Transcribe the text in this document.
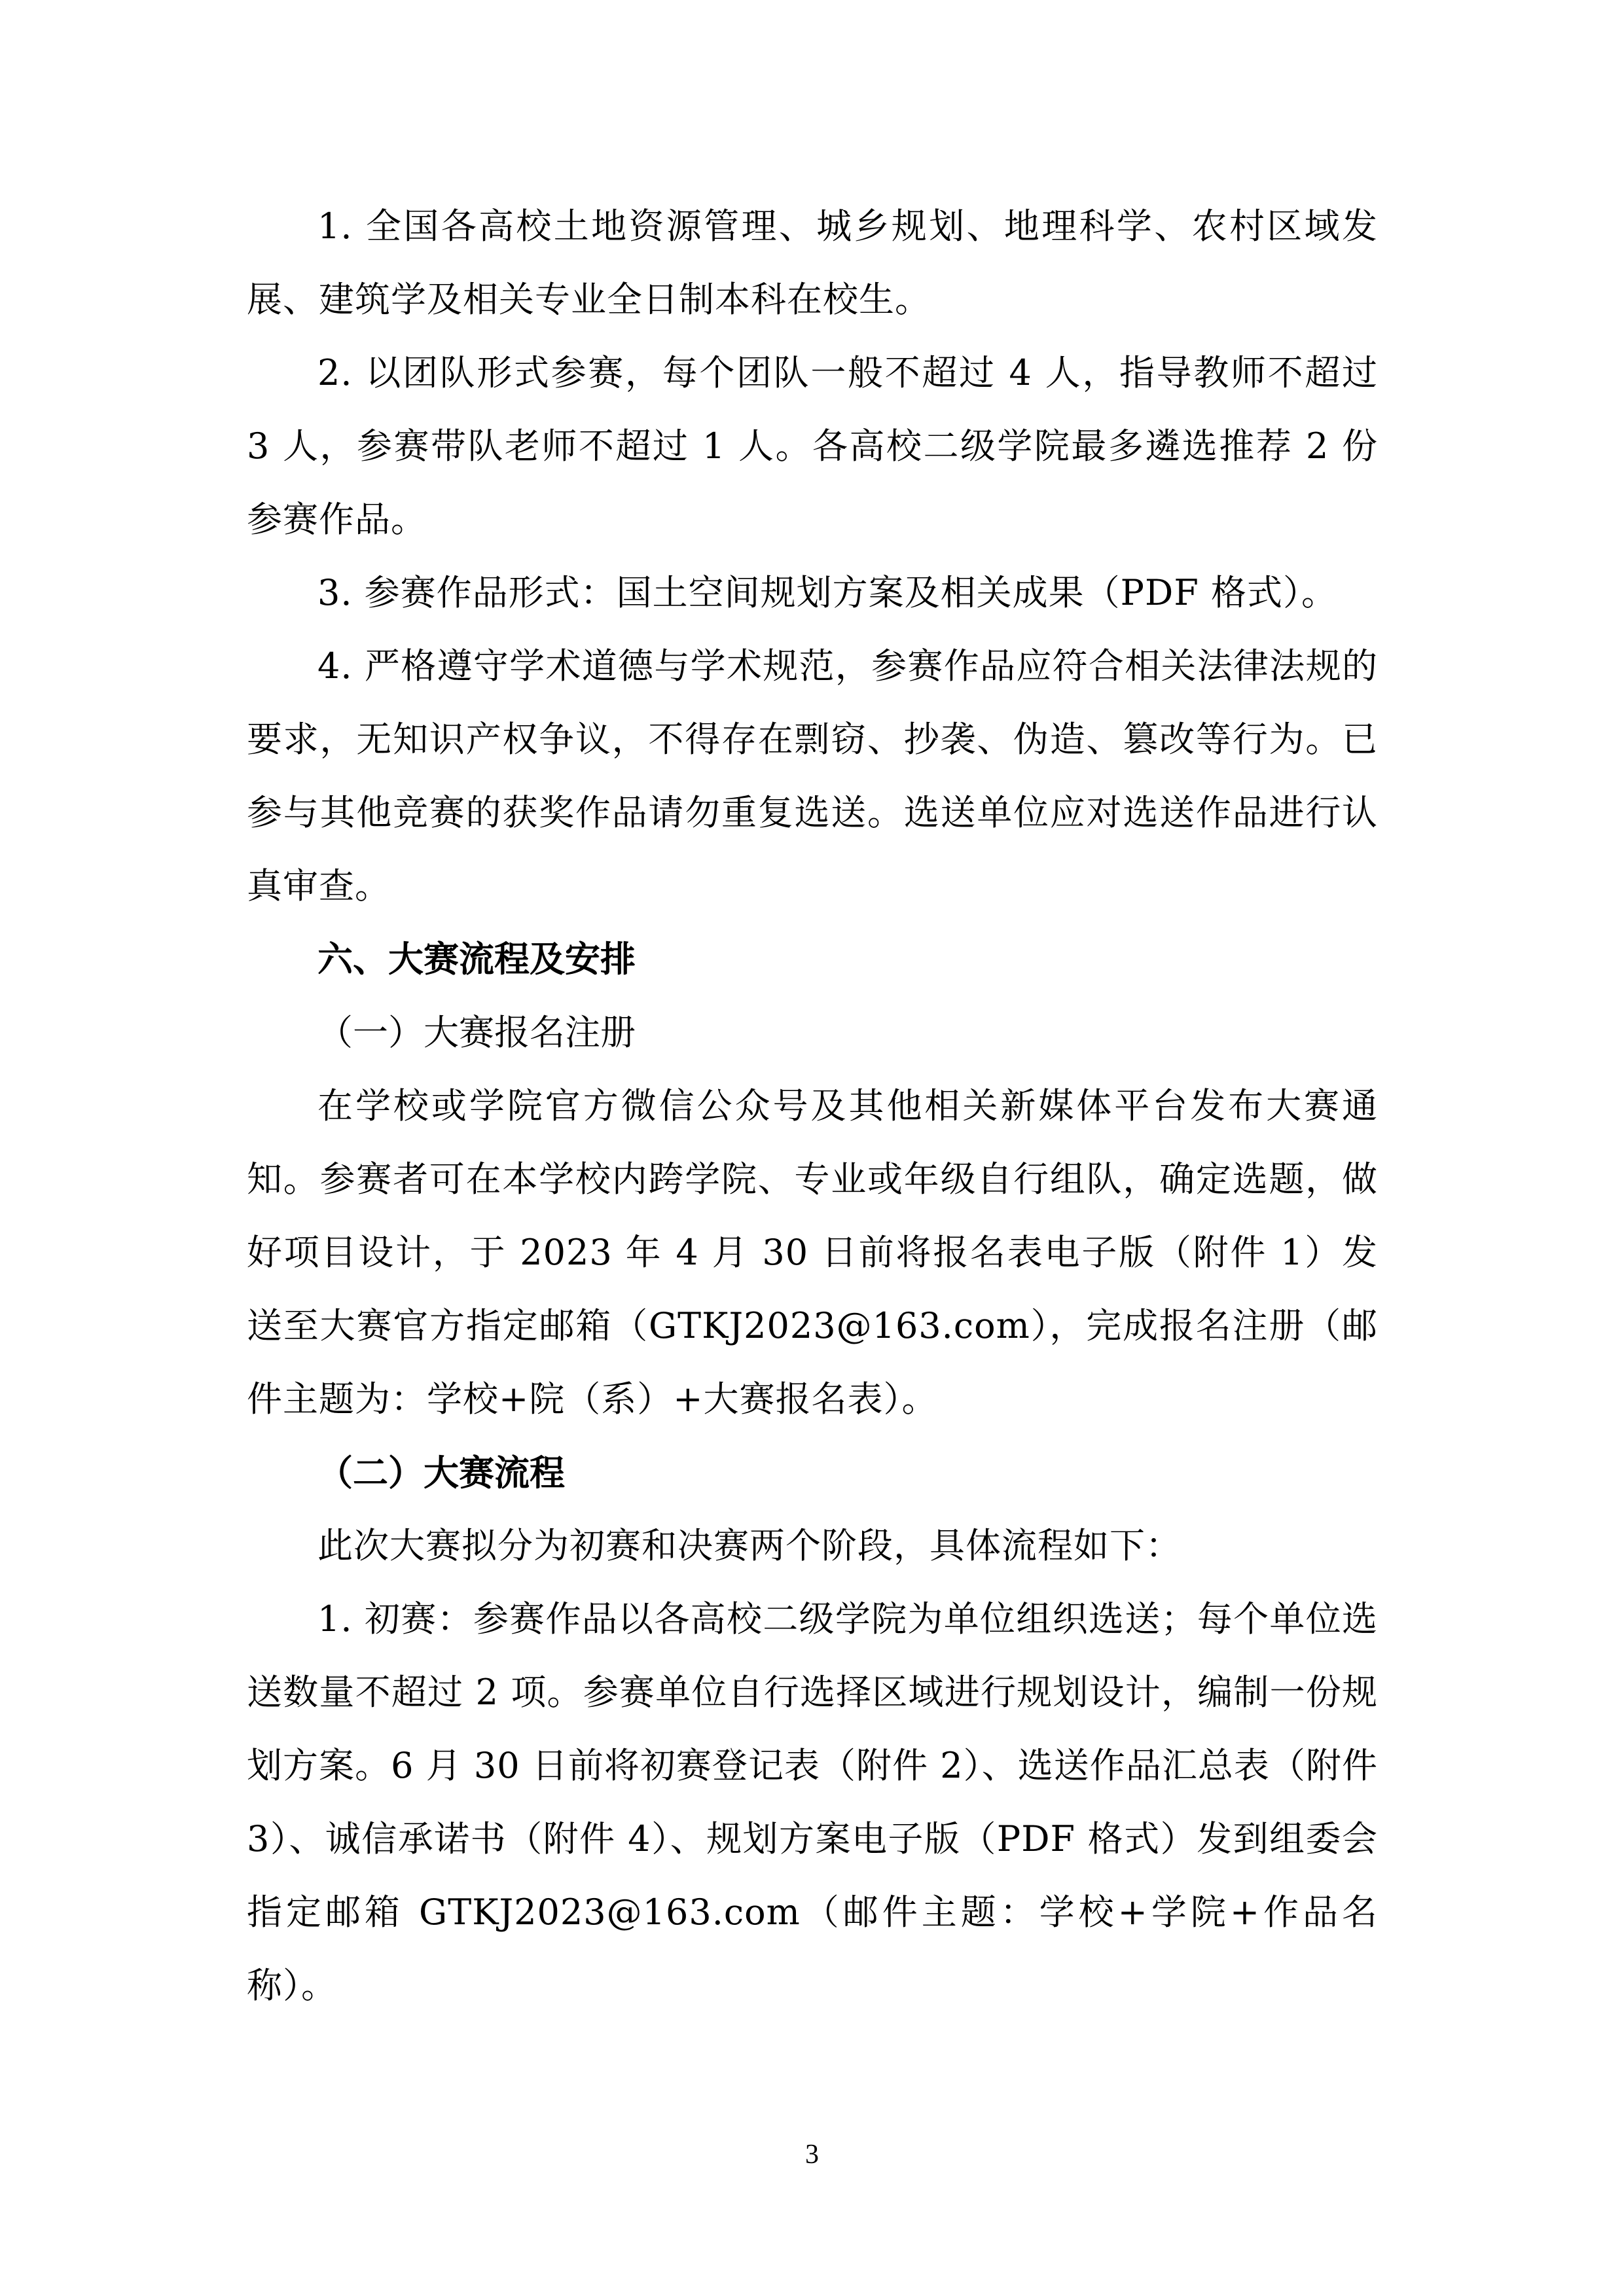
1. 全国各高校土地资源管理、城乡规划、地理科学、农村区域发展、建筑学及相关专业全日制本科在校生。

2. 以团队形式参赛，每个团队一般不超过 4 人，指导教师不超过 3 人，参赛带队老师不超过 1 人。各高校二级学院最多遴选推荐 2 份参赛作品。

3. 参赛作品形式：国土空间规划方案及相关成果（PDF 格式）。

4. 严格遵守学术道德与学术规范，参赛作品应符合相关法律法规的要求，无知识产权争议，不得存在剽窃、抄袭、伪造、篡改等行为。已参与其他竞赛的获奖作品请勿重复选送。选送单位应对选送作品进行认真审查。

六、大赛流程及安排

（一）大赛报名注册

在学校或学院官方微信公众号及其他相关新媒体平台发布大赛通知。参赛者可在本学校内跨学院、专业或年级自行组队，确定选题，做好项目设计，于 2023 年 4 月 30 日前将报名表电子版（附件 1）发送至大赛官方指定邮箱（GTKJ2023@163.com），完成报名注册（邮件主题为：学校+院（系）+大赛报名表）。

（二）大赛流程

此次大赛拟分为初赛和决赛两个阶段，具体流程如下：

1. 初赛：参赛作品以各高校二级学院为单位组织选送；每个单位选送数量不超过 2 项。参赛单位自行选择区域进行规划设计，编制一份规划方案。6 月 30 日前将初赛登记表（附件 2）、选送作品汇总表（附件 3）、诚信承诺书（附件 4）、规划方案电子版（PDF 格式）发到组委会指定邮箱 GTKJ2023@163.com（邮件主题：学校+学院+作品名称）。

3
